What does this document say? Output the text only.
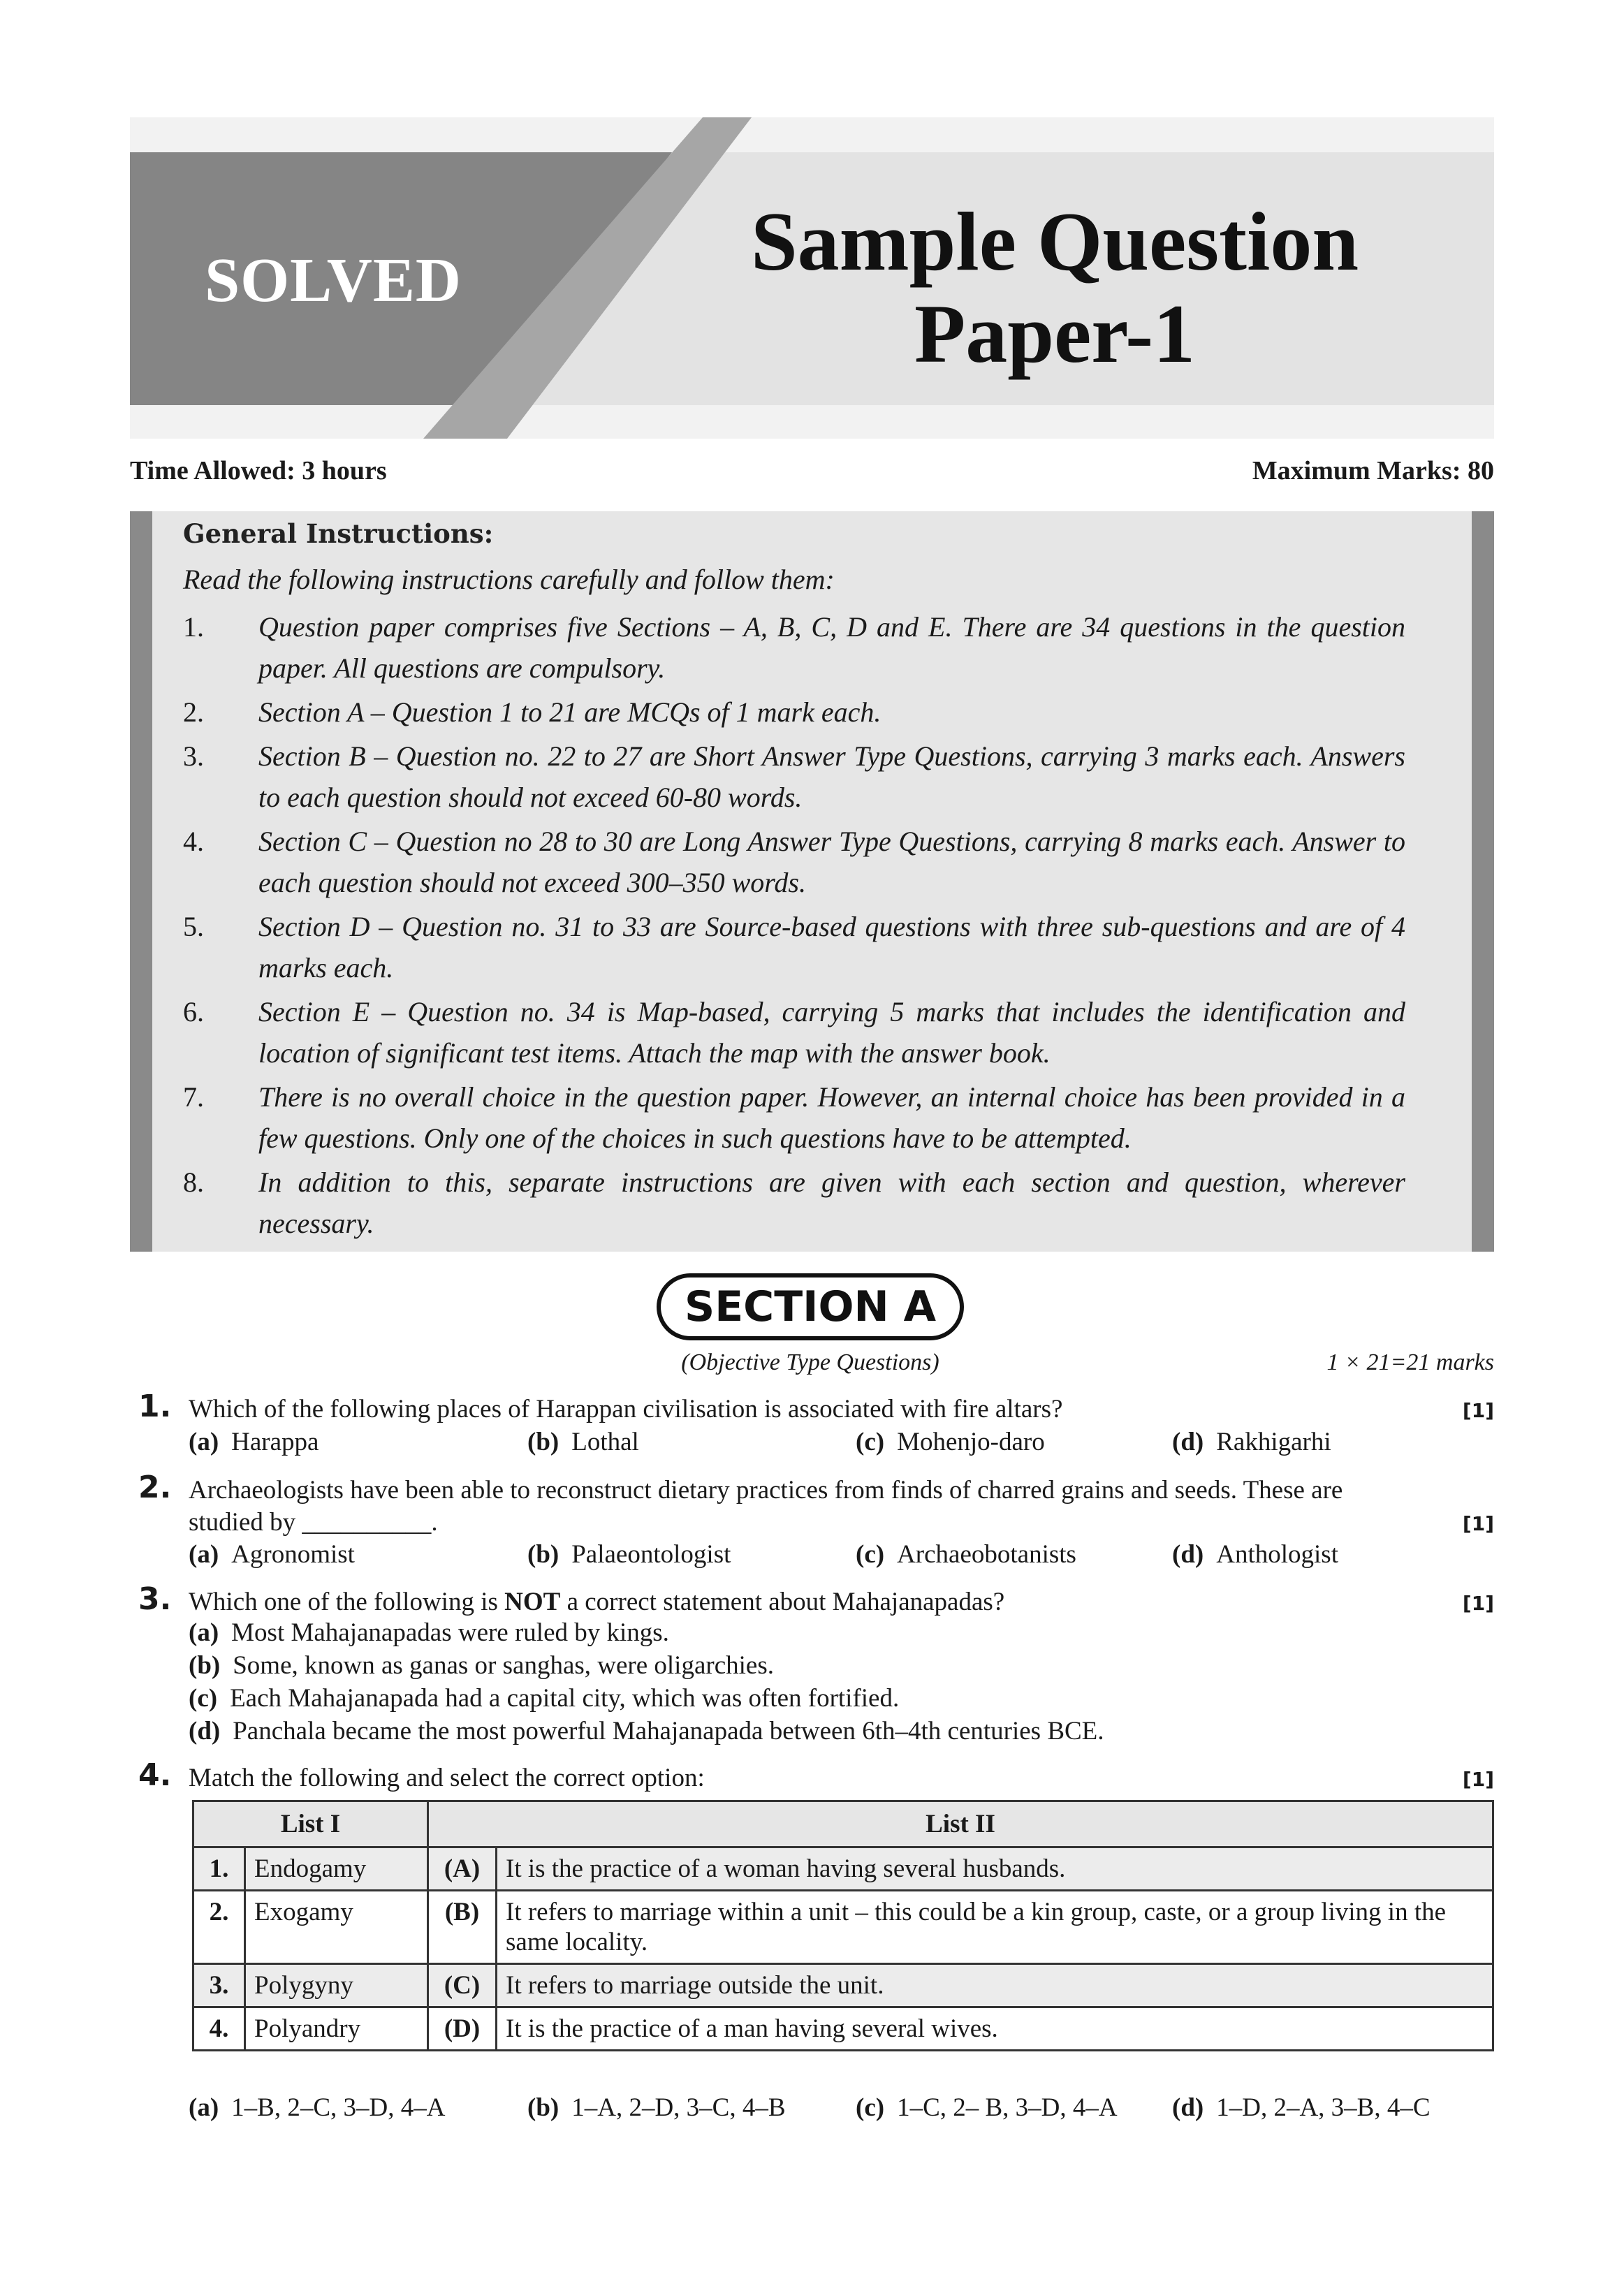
SOLVED	Sample Question
Paper-1
Time Allowed: 3 hours	Maximum Marks: 80
General Instructions:
Read the following instructions carefully and follow them:
1. Question paper comprises five Sections – A, B, C, D and E. There are 34 questions in the question paper. All questions are compulsory.
2. Section A – Question 1 to 21 are MCQs of 1 mark each.
3. Section B – Question no. 22 to 27 are Short Answer Type Questions, carrying 3 marks each. Answers to each question should not exceed 60-80 words.
4. Section C – Question no 28 to 30 are Long Answer Type Questions, carrying 8 marks each. Answer to each question should not exceed 300–350 words.
5. Section D – Question no. 31 to 33 are Source-based questions with three sub-questions and are of 4 marks each.
6. Section E – Question no. 34 is Map-based, carrying 5 marks that includes the identification and location of significant test items. Attach the map with the answer book.
7. There is no overall choice in the question paper. However, an internal choice has been provided in a few questions. Only one of the choices in such questions have to be attempted.
8. In addition to this, separate instructions are given with each section and question, wherever necessary.
SECTION A
(Objective Type Questions)	1 × 21=21 marks
1. Which of the following places of Harappan civilisation is associated with fire altars?	[1]
(a) Harappa	(b) Lothal	(c) Mohenjo-daro	(d) Rakhigarhi
2. Archaeologists have been able to reconstruct dietary practices from finds of charred grains and seeds. These are
studied by __________.	[1]
(a) Agronomist	(b) Palaeontologist	(c) Archaeobotanists	(d) Anthologist
3. Which one of the following is NOT a correct statement about Mahajanapadas?	[1]
(a) Most Mahajanapadas were ruled by kings.
(b) Some, known as ganas or sanghas, were oligarchies.
(c) Each Mahajanapada had a capital city, which was often fortified.
(d) Panchala became the most powerful Mahajanapada between 6th–4th centuries BCE.
4. Match the following and select the correct option:	[1]
List I		List II	
1.	Endogamy	(A)	It is the practice of a woman having several husbands.
2.	Exogamy	(B)	It refers to marriage within a unit – this could be a kin group, caste, or a group living in the same locality.
3.	Polygyny	(C)	It refers to marriage outside the unit.
4.	Polyandry	(D)	It is the practice of a man having several wives.
(a) 1–B, 2–C, 3–D, 4–A	(b) 1–A, 2–D, 3–C, 4–B	(c) 1–C, 2– B, 3–D, 4–A (d) 1–D, 2–A, 3–B, 4–C
